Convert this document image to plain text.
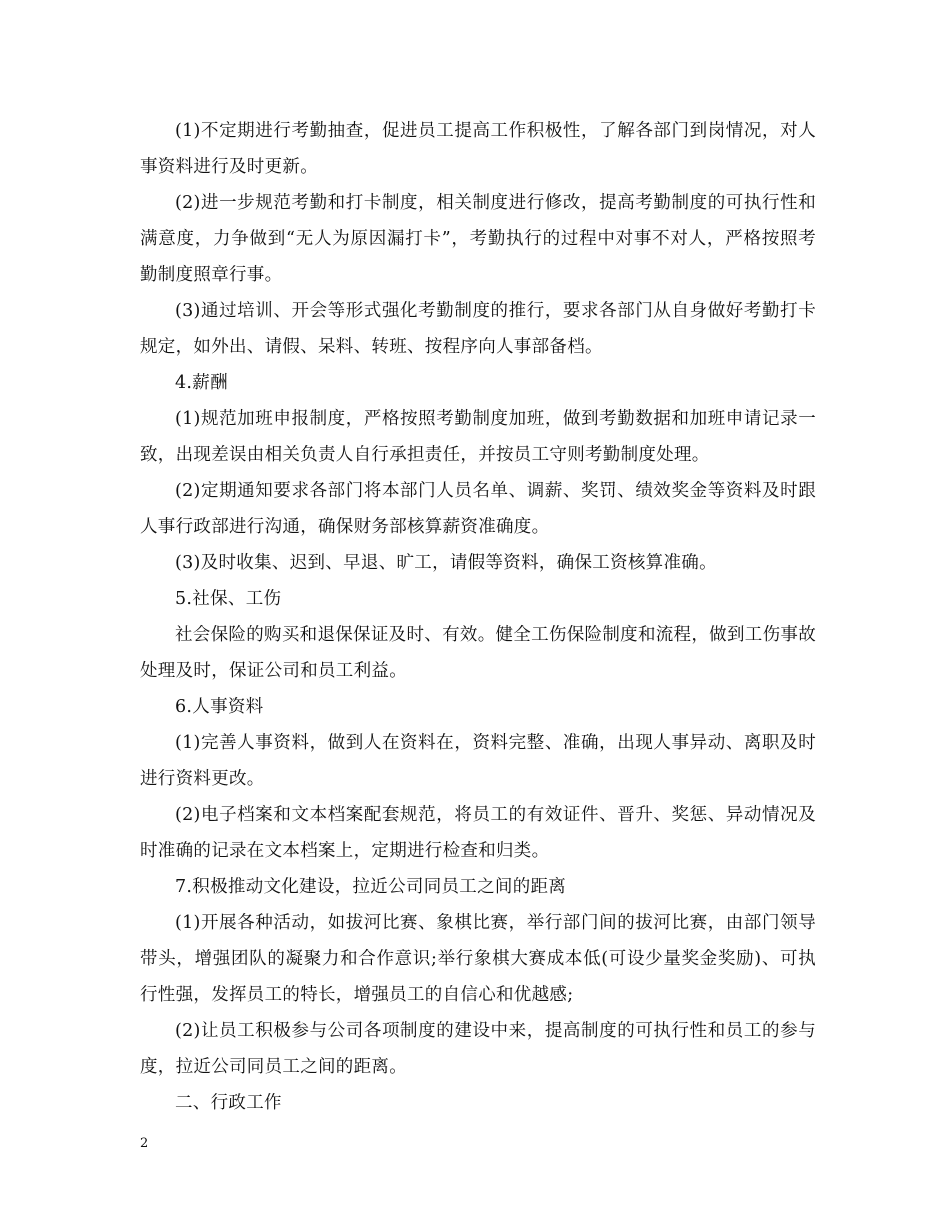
(1)不定期进行考勤抽查，促进员工提高工作积极性，了解各部门到岗情况，对人事资料进行及时更新。

(2)进一步规范考勤和打卡制度，相关制度进行修改，提高考勤制度的可执行性和满意度，力争做到“无人为原因漏打卡”，考勤执行的过程中对事不对人，严格按照考勤制度照章行事。

(3)通过培训、开会等形式强化考勤制度的推行，要求各部门从自身做好考勤打卡规定，如外出、请假、呆料、转班、按程序向人事部备档。

4.薪酬

(1)规范加班申报制度，严格按照考勤制度加班，做到考勤数据和加班申请记录一致，出现差误由相关负责人自行承担责任，并按员工守则考勤制度处理。

(2)定期通知要求各部门将本部门人员名单、调薪、奖罚、绩效奖金等资料及时跟人事行政部进行沟通，确保财务部核算薪资准确度。

(3)及时收集、迟到、早退、旷工，请假等资料，确保工资核算准确。

5.社保、工伤

社会保险的购买和退保保证及时、有效。健全工伤保险制度和流程，做到工伤事故处理及时，保证公司和员工利益。

6.人事资料

(1)完善人事资料，做到人在资料在，资料完整、准确，出现人事异动、离职及时进行资料更改。

(2)电子档案和文本档案配套规范，将员工的有效证件、晋升、奖惩、异动情况及时准确的记录在文本档案上，定期进行检查和归类。

7.积极推动文化建设，拉近公司同员工之间的距离

(1)开展各种活动，如拔河比赛、象棋比赛，举行部门间的拔河比赛，由部门领导带头，增强团队的凝聚力和合作意识;举行象棋大赛成本低(可设少量奖金奖励)、可执行性强，发挥员工的特长，增强员工的自信心和优越感;

(2)让员工积极参与公司各项制度的建设中来，提高制度的可执行性和员工的参与度，拉近公司同员工之间的距离。

二、行政工作

2
